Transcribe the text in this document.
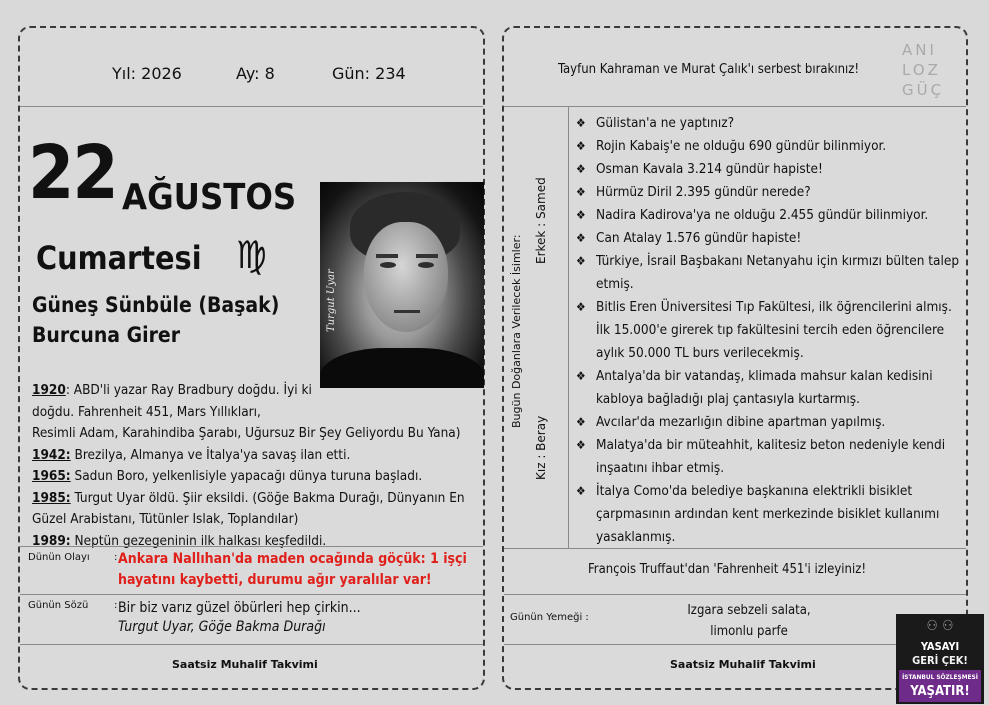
Yıl: 2026	Ay: 8	Gün: 234
22 AĞUSTOS
Cumartesi ♍
Güneş Sünbüle (Başak)
Burcuna Girer
Turgut Uyar
1920: ABD'li yazar Ray Bradbury doğdu. İyi ki
doğdu. Fahrenheit 451, Mars Yıllıkları,
Resimli Adam, Karahindiba Şarabı, Uğursuz Bir Şey Geliyordu Bu Yana)
1942: Brezilya, Almanya ve İtalya'ya savaş ilan etti.
1965: Sadun Boro, yelkenlisiyle yapacağı dünya turuna başladı.
1985: Turgut Uyar öldü. Şiir eksildi. (Göğe Bakma Durağı, Dünyanın En
Güzel Arabistanı, Tütünler Islak, Toplandılar)
1989: Neptün gezegeninin ilk halkası keşfedildi.
Dünün Olayı : Ankara Nallıhan'da maden ocağında göçük: 1 işçi hayatını kaybetti, durumu ağır yaralılar var!
Günün Sözü	: Bir biz varız güzel öbürleri hep çirkin...
Turgut Uyar, Göğe Bakma Durağı
Saatsiz Muhalif Takvimi
Tayfun Kahraman ve Murat Çalık'ı serbest bırakınız!
Bugün Doğanlara Verilecek İsimler:
Erkek : Samed
Kız : Beray
❖ Gülistan'a ne yaptınız?
❖ Rojin Kabaiş'e ne olduğu 690 gündür bilinmiyor.
❖ Osman Kavala 3.214 gündür hapiste!
❖ Hürmüz Diril 2.395 gündür nerede?
❖ Nadira Kadirova'ya ne olduğu 2.455 gündür bilinmiyor.
❖ Can Atalay 1.576 gündür hapiste!
❖ Türkiye, İsrail Başbakanı Netanyahu için kırmızı bülten talep etmiş.
❖ Bitlis Eren Üniversitesi Tıp Fakültesi, ilk öğrencilerini almış. İlk 15.000'e girerek tıp fakültesini tercih eden öğrencilere aylık 50.000 TL burs verilecekmiş.
❖ Antalya'da bir vatandaş, klimada mahsur kalan kedisini kabloya bağladığı plaj çantasıyla kurtarmış.
❖ Avcılar'da mezarlığın dibine apartman yapılmış.
❖ Malatya'da bir müteahhit, kalitesiz beton nedeniyle kendi inşaatını ihbar etmiş.
❖ İtalya Como'da belediye başkanına elektrikli bisiklet çarpmasının ardından kent merkezinde bisiklet kullanımı yasaklanmış.
François Truffaut'dan 'Fahrenheit 451'i izleyiniz!
Günün Yemeği :	Izgara sebzeli salata,
limonlu parfe
Saatsiz Muhalif Takvimi
ANI
LOZ
GÜÇ
⚇ ⚇
YASAYI
GERİ ÇEK!
İSTANBUL SÖZLEŞMESİ
YAŞATIR!
